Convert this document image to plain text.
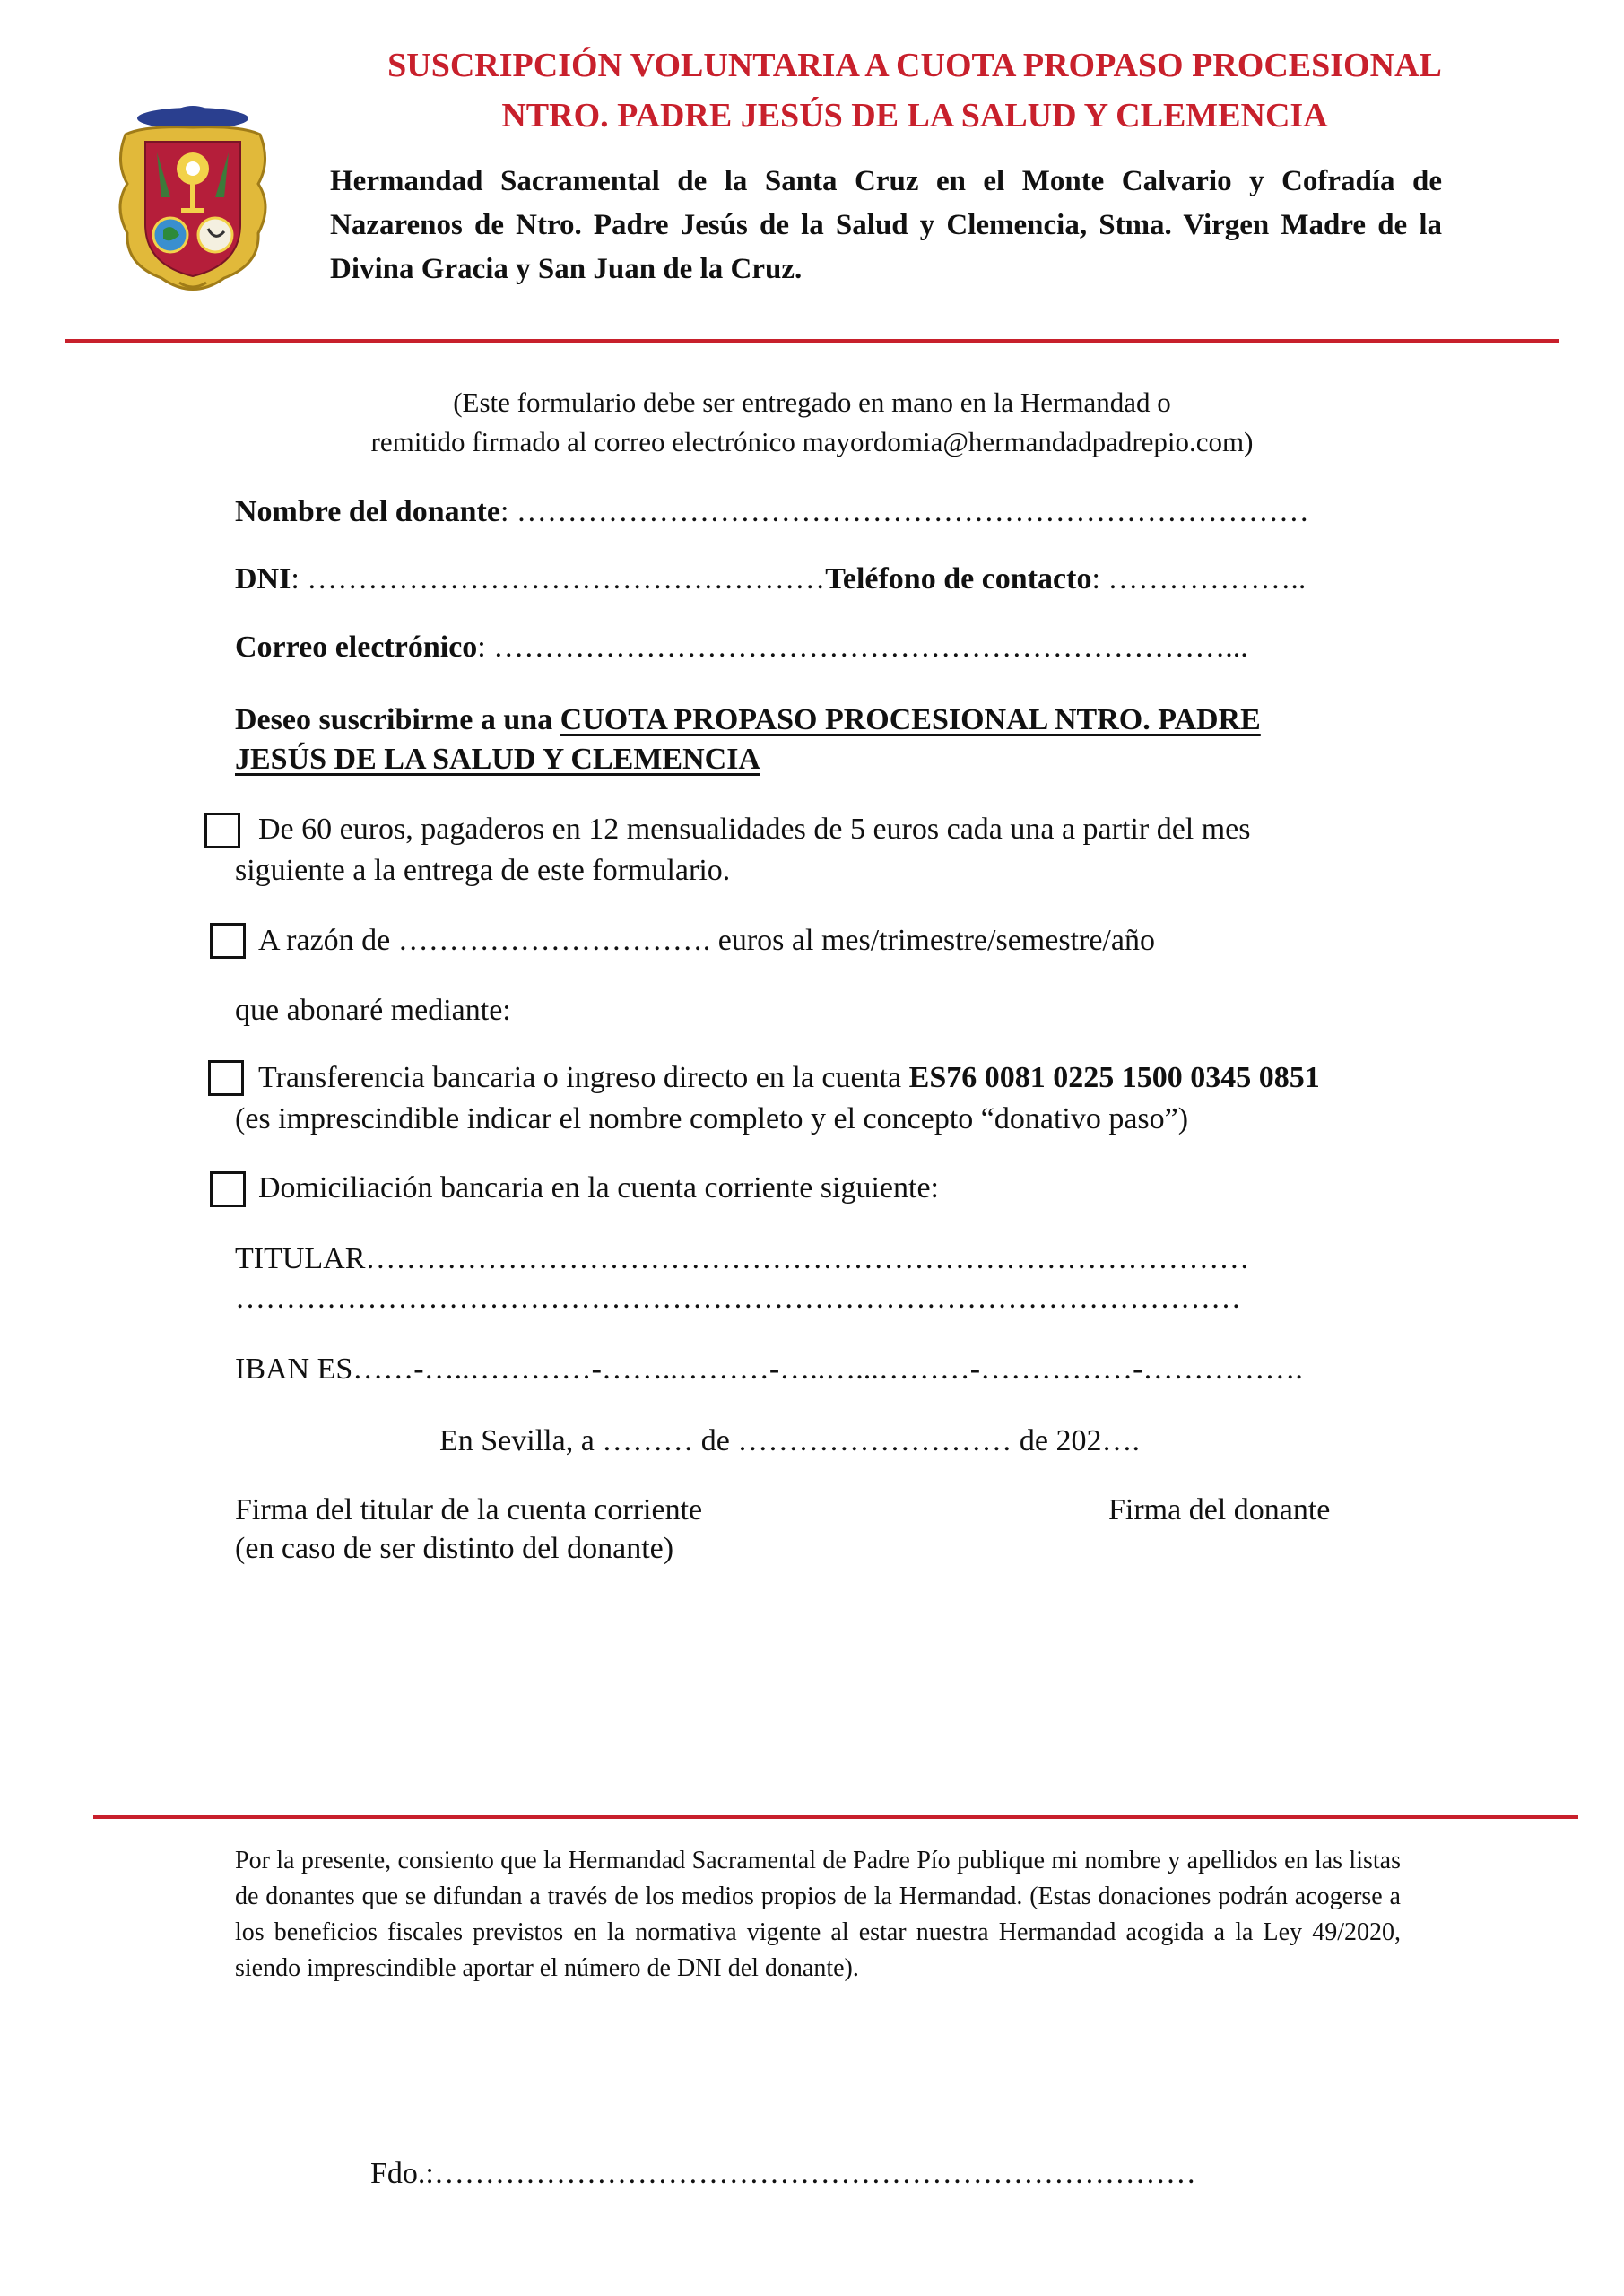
SUSCRIPCIÓN VOLUNTARIA A CUOTA PROPASO PROCESIONAL
NTRO. PADRE JESÚS DE LA SALUD Y CLEMENCIA
Hermandad Sacramental de la Santa Cruz en el Monte Calvario y Cofradía de Nazarenos de Ntro. Padre Jesús de la Salud y Clemencia, Stma. Virgen Madre de la Divina Gracia y San Juan de la Cruz.
(Este formulario debe ser entregado en mano en la Hermandad o
remitido firmado al correo electrónico mayordomia@hermandadpadrepio.com)
Nombre del donante: ……………………………………………………………………
DNI: ……………………………………………Teléfono de contacto: ………………..
Correo electrónico: ………………………………………………………………...
Deseo suscribirme a una CUOTA PROPASO PROCESIONAL NTRO. PADRE
JESÚS DE LA SALUD Y CLEMENCIA
De 60 euros, pagaderos en 12 mensualidades de 5 euros cada una a partir del mes
siguiente a la entrega de este formulario.
A razón de …………………………. euros al mes/trimestre/semestre/año
que abonaré mediante:
Transferencia bancaria o ingreso directo en la cuenta ES76 0081 0225 1500 0345 0851
(es imprescindible indicar el nombre completo y el concepto “donativo paso”)
Domiciliación bancaria en la cuenta corriente siguiente:
TITULAR……………………………………………………………………………
………………………………………………………………………………………
IBAN ES……-…..…………-……..………-…..…...………-……………-…………….
En Sevilla, a ……… de ……………………… de 202….
Firma del titular de la cuenta corriente
(en caso de ser distinto del donante)
Firma del donante
Por la presente, consiento que la Hermandad Sacramental de Padre Pío publique mi nombre y apellidos en las listas de donantes que se difundan a través de los medios propios de la Hermandad. (Estas donaciones podrán acogerse a los beneficios fiscales previstos en la normativa vigente al estar nuestra Hermandad acogida a la Ley 49/2020, siendo imprescindible aportar el número de DNI del donante).
Fdo.:…………………………………………………………………
